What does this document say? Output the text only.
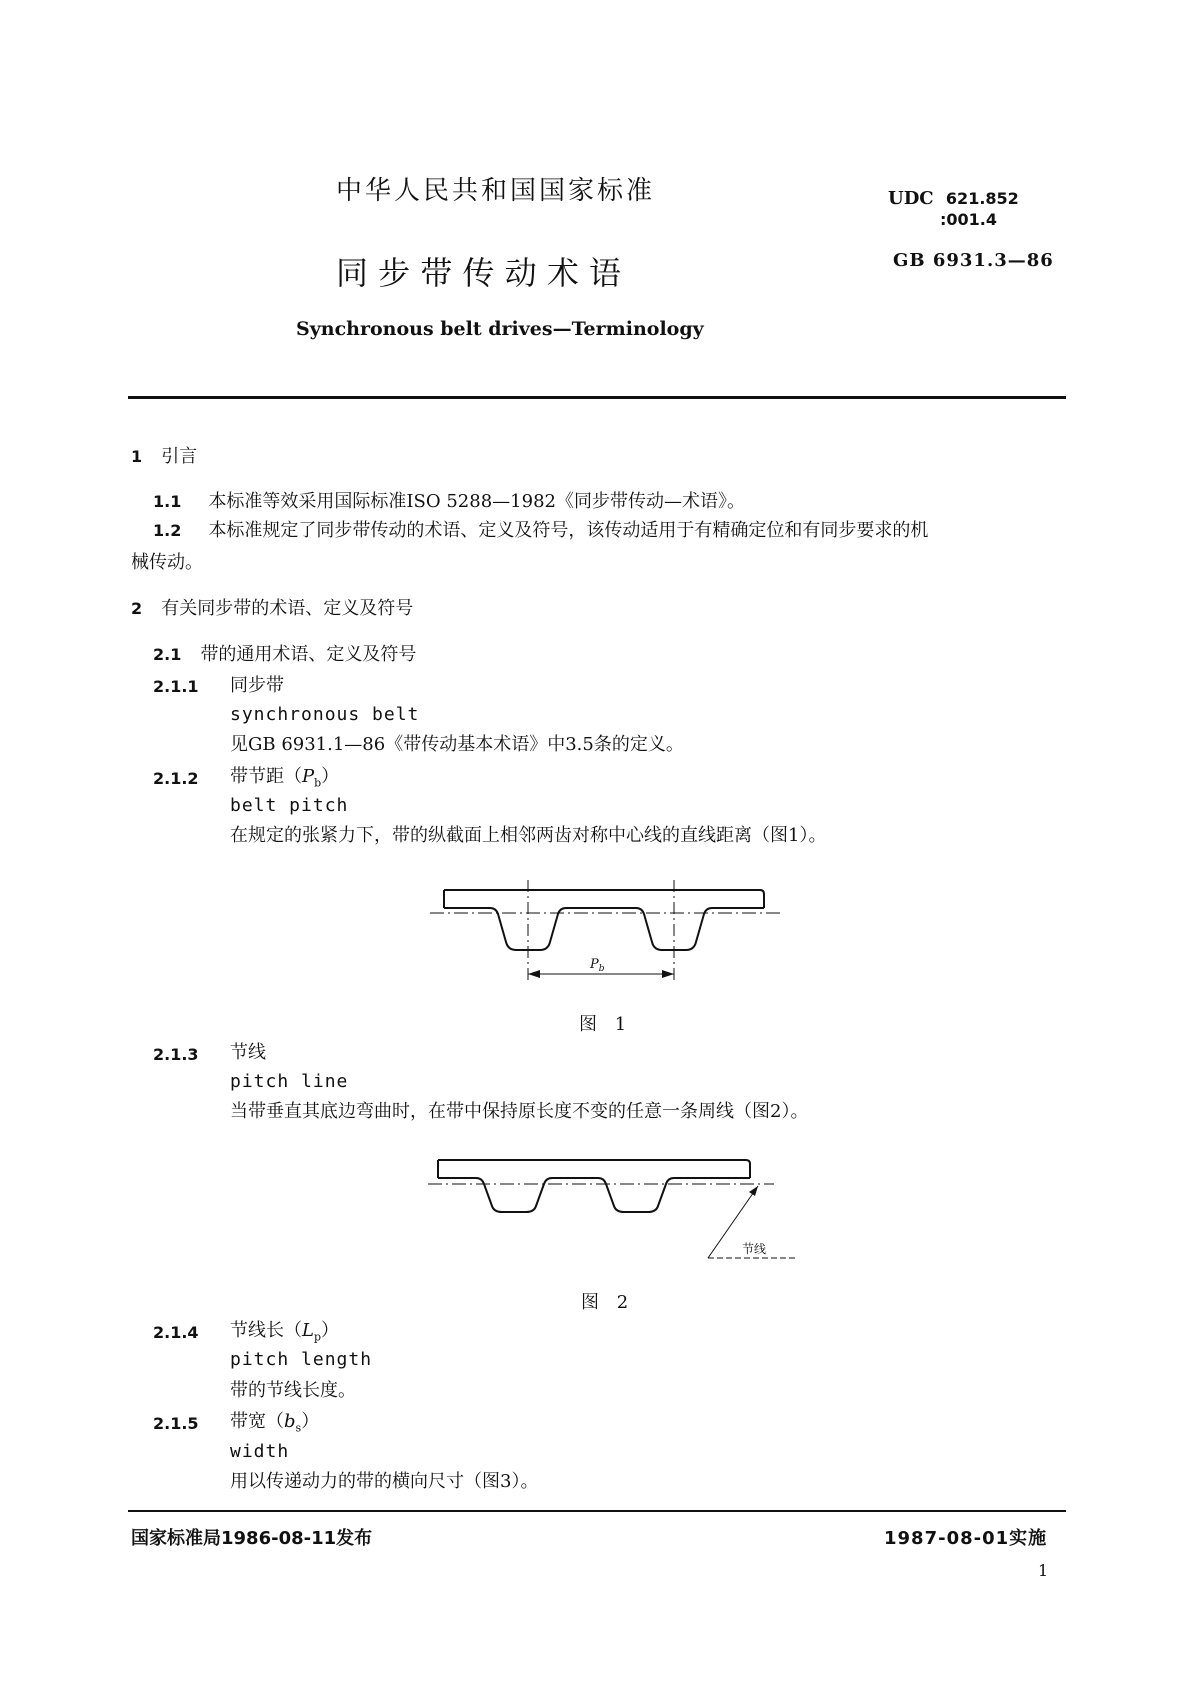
中华人民共和国国家标准
同 步 带 传 动 术 语
Synchronous belt drives—Terminology
UDC 621.852
:001.4
GB 6931.3—86
1 引言
1.1 本标准等效采用国际标准ISO 5288—1982《同步带传动—术语》。
1.2 本标准规定了同步带传动的术语、定义及符号，该传动适用于有精确定位和有同步要求的机
械传动。
2 有关同步带的术语、定义及符号
2.1 带的通用术语、定义及符号
2.1.1 同步带
synchronous belt
见GB 6931.1—86《带传动基本术语》中3.5条的定义。
2.1.2 带节距$(P_b)$
belt pitch
在规定的张紧力下，带的纵截面上相邻两齿对称中心线的直线距离（图1）。
$P_b$
图 1
2.1.3 节线
pitch line
当带垂直其底边弯曲时，在带中保持原长度不变的任意一条周线（图2）。
节线
图 2
2.1.4 节线长$(L_p)$
pitch length
带的节线长度。
2.1.5 带宽$(b_s)$
width
用以传递动力的带的横向尺寸（图3）。
国家标准局1986-08-11发布	1987-08-01实施
1
